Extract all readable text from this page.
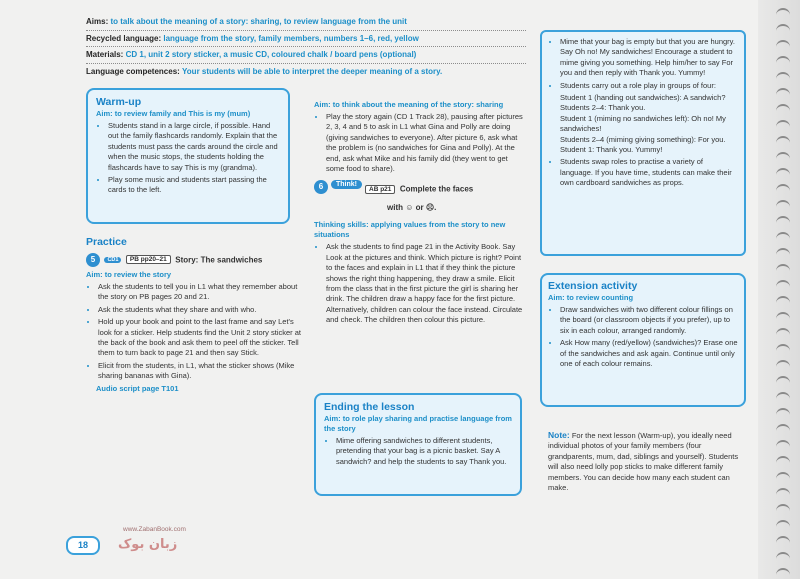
Aims: to talk about the meaning of a story: sharing, to review language from the unit
Recycled language: language from the story, family members, numbers 1–6, red, yellow
Materials: CD 1, unit 2 story sticker, a music CD, coloured chalk / board pens (optional)
Language competences: Your students will be able to interpret the deeper meaning of a story.
Warm-up
Aim: to review family and This is my (mum)
• Students stand in a large circle, if possible. Hand out the family flashcards randomly. Explain that the students must pass the cards around the circle and when the music stops, the students holding the flashcards have to say This is my (grandma).
• Play some music and students start passing the cards to the left.
Practice
5 CD1 PB pp20–21 Story: The sandwiches
Aim: to review the story
• Ask the students to tell you in L1 what they remember about the story on PB pages 20 and 21.
• Ask the students what they share and with who.
• Hold up your book and point to the last frame and say Let's look for a sticker. Help students find the Unit 2 story sticker at the back of the book and ask them to peel off the sticker. Tell them to turn back to page 21 and then say Stick.
• Elicit from the students, in L1, what the sticker shows (Mike sharing bananas with Gina).
Audio script page T101
Aim: to think about the meaning of the story: sharing
• Play the story again (CD 1 Track 28), pausing after pictures 2, 3, 4 and 5 to ask in L1 what Gina and Polly are doing (giving sandwiches to everyone). After picture 6, ask what the problem is (no sandwiches for Gina and Polly). At the end, ask what Mike and his family did (they went to get some food to share).
6	Think!
AB p21 Complete the faces
with ☺ or ☹.
Thinking skills: applying values from the story to new situations
• Ask the students to find page 21 in the Activity Book. Say Look at the pictures and think. Which picture is right? Point to the faces and explain in L1 that if they think the picture shows the right thing happening, they draw a smile. Elicit from the class that in the first picture the girl is sharing her drink. The children draw a happy face for the first picture. Alternatively, children can colour the face instead. Circulate and check. The children then colour this picture.
Ending the lesson
Aim: to role play sharing and practise language from the story
• Mime offering sandwiches to different students, pretending that your bag is a picnic basket. Say A sandwich? and help the students to say Thank you.
• Mime that your bag is empty but that you are hungry. Say Oh no! My sandwiches! Encourage a student to mime giving you something. Help him/her to say For you and then reply with Thank you. Yummy!
• Students carry out a role play in groups of four:
Student 1 (handing out sandwiches): A sandwich?
Students 2–4: Thank you.
Student 1 (miming no sandwiches left): Oh no! My sandwiches!
Students 2–4 (miming giving something): For you.
Student 1: Thank you. Yummy!
• Students swap roles to practise a variety of language. If you have time, students can make their own cardboard sandwiches as props.
Extension activity
Aim: to review counting
• Draw sandwiches with two different colour fillings on the board (or classroom objects if you prefer), up to six in each colour, arranged randomly.
• Ask How many (red/yellow) (sandwiches)? Erase one of the sandwiches and ask again. Continue until only one of each colour remains.
Note: For the next lesson (Warm-up), you ideally need individual photos of your family members (four grandparents, mum, dad, siblings and yourself). Students will also need lolly pop sticks to make different family members. You can decide how many each student can make.
18
www.ZabanBook.com
زبان بوک
